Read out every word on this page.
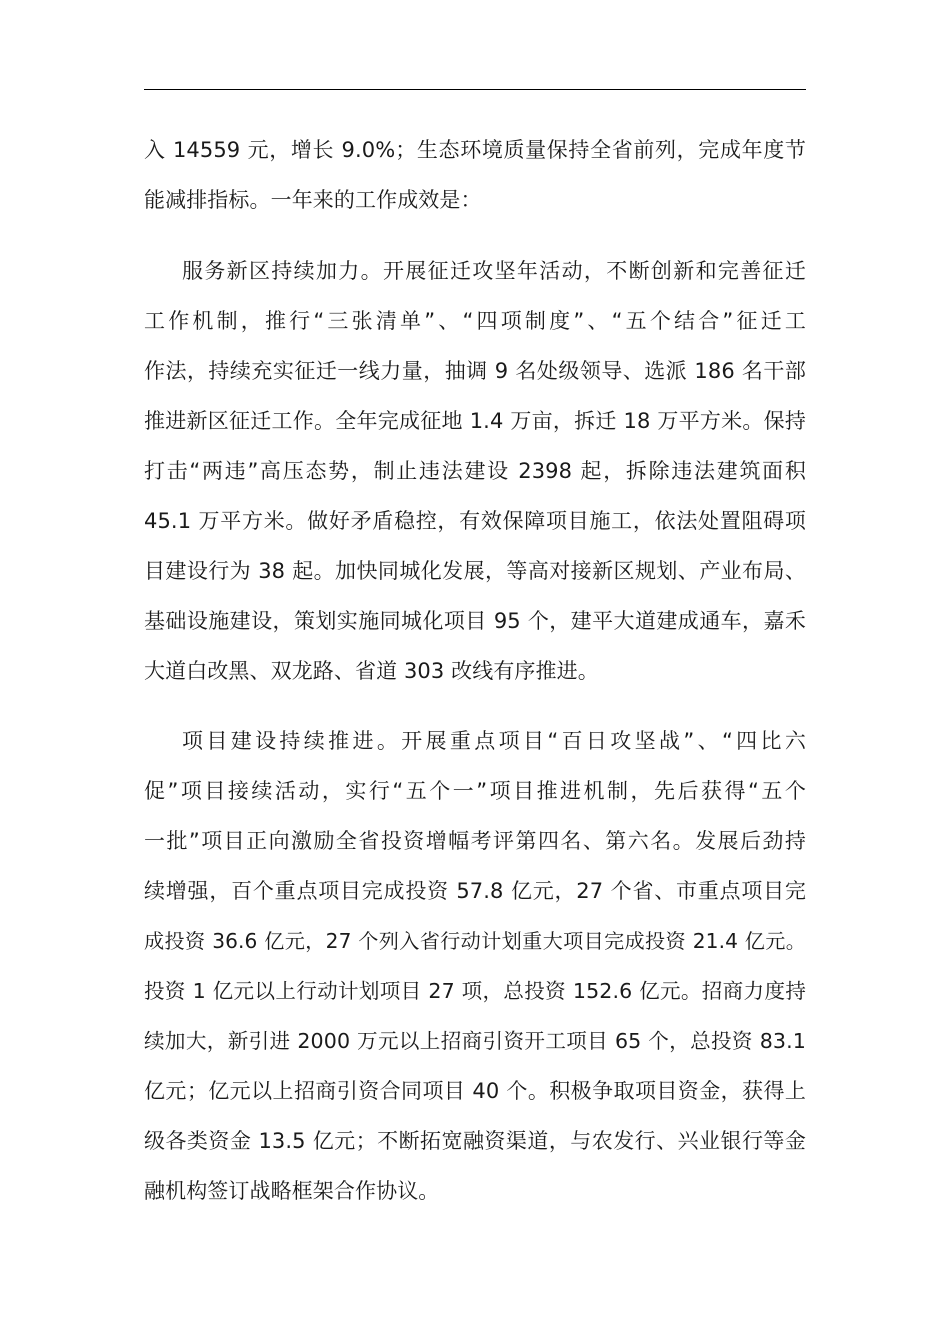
入 14559 元，增长 9.0%；生态环境质量保持全省前列，完成年度节
能减排指标。一年来的工作成效是：
服务新区持续加力。开展征迁攻坚年活动，不断创新和完善征迁
工作机制，推行“三张清单”、“四项制度”、“五个结合”征迁工
作法，持续充实征迁一线力量，抽调 9 名处级领导、选派 186 名干部
推进新区征迁工作。全年完成征地 1.4 万亩，拆迁 18 万平方米。保持
打击“两违”高压态势，制止违法建设 2398 起，拆除违法建筑面积
45.1 万平方米。做好矛盾稳控，有效保障项目施工，依法处置阻碍项
目建设行为 38 起。加快同城化发展，等高对接新区规划、产业布局、
基础设施建设，策划实施同城化项目 95 个，建平大道建成通车，嘉禾
大道白改黑、双龙路、省道 303 改线有序推进。
项目建设持续推进。开展重点项目“百日攻坚战”、“四比六
促”项目接续活动，实行“五个一”项目推进机制，先后获得“五个
一批”项目正向激励全省投资增幅考评第四名、第六名。发展后劲持
续增强，百个重点项目完成投资 57.8 亿元，27 个省、市重点项目完
成投资 36.6 亿元，27 个列入省行动计划重大项目完成投资 21.4 亿元。
投资 1 亿元以上行动计划项目 27 项，总投资 152.6 亿元。招商力度持
续加大，新引进 2000 万元以上招商引资开工项目 65 个，总投资 83.1
亿元；亿元以上招商引资合同项目 40 个。积极争取项目资金，获得上
级各类资金 13.5 亿元；不断拓宽融资渠道，与农发行、兴业银行等金
融机构签订战略框架合作协议。
